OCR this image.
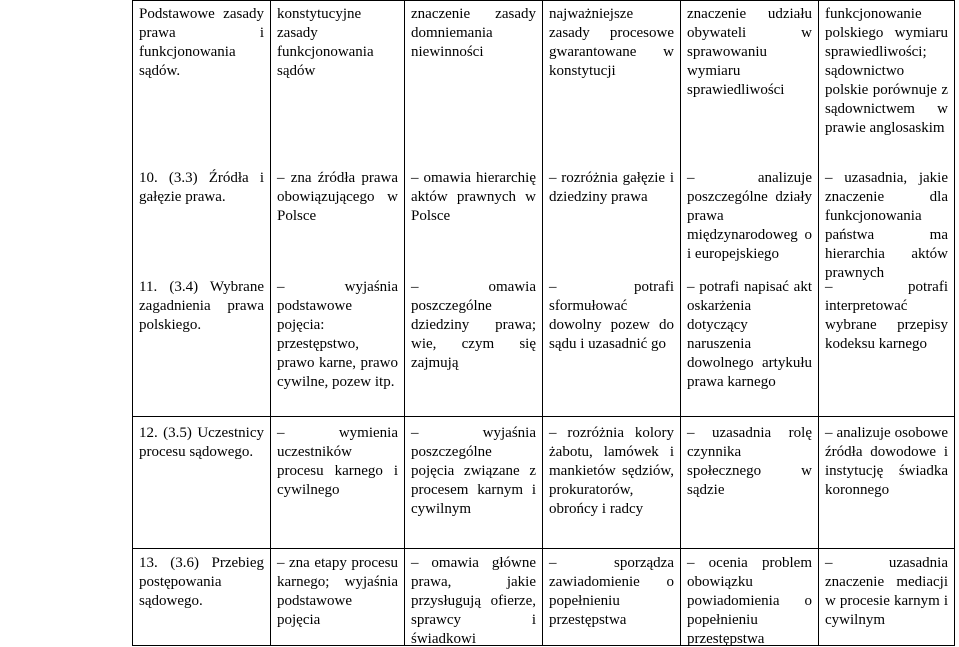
Podstawowe zasady prawa i funkcjonowania sądów.
10. (3.3) Źródła i gałęzie prawa.
11. (3.4) Wybrane zagadnienia prawa polskiego.
konstytucyjne zasady funkcjonowania sądów
– zna źródła prawa obowiązującego w Polsce
– wyjaśnia podstawowe pojęcia: przestępstwo, prawo karne, prawo cywilne, pozew itp.
znaczenie zasady domniemania niewinności
– omawia hierarchię aktów prawnych w Polsce
– omawia poszczególne dziedziny prawa; wie, czym się zajmują
najważniejsze zasady procesowe gwarantowane w konstytucji
– rozróżnia gałęzie i dziedziny prawa
– potrafi sformułować dowolny pozew do sądu i uzasadnić go
znaczenie udziału obywateli w sprawowaniu wymiaru sprawiedliwości
– analizuje poszczególne działy prawa międzynarodoweg o i europejskiego
– potrafi napisać akt oskarżenia dotyczący naruszenia dowolnego artykułu prawa karnego
funkcjonowanie polskiego wymiaru sprawiedliwości; sądownictwo polskie porównuje z sądownictwem w prawie anglosaskim
– uzasadnia, jakie znaczenie dla funkcjonowania państwa ma hierarchia aktów prawnych
– potrafi interpretować wybrane przepisy kodeksu karnego
12. (3.5) Uczestnicy procesu sądowego.
– wymienia uczestników procesu karnego i cywilnego
– wyjaśnia poszczególne pojęcia związane z procesem karnym i cywilnym
– rozróżnia kolory żabotu, lamówek i mankietów sędziów, prokuratorów, obrońcy i radcy
– uzasadnia rolę czynnika społecznego w sądzie
– analizuje osobowe źródła dowodowe i instytucję świadka koronnego
13. (3.6) Przebieg postępowania sądowego.
– zna etapy procesu karnego; wyjaśnia podstawowe pojęcia
– omawia główne prawa, jakie przysługują ofierze, sprawcy i świadkowi
– sporządza zawiadomienie o popełnieniu przestępstwa
– ocenia problem obowiązku powiadomienia o popełnieniu przestępstwa
– uzasadnia znaczenie mediacji w procesie karnym i cywilnym
